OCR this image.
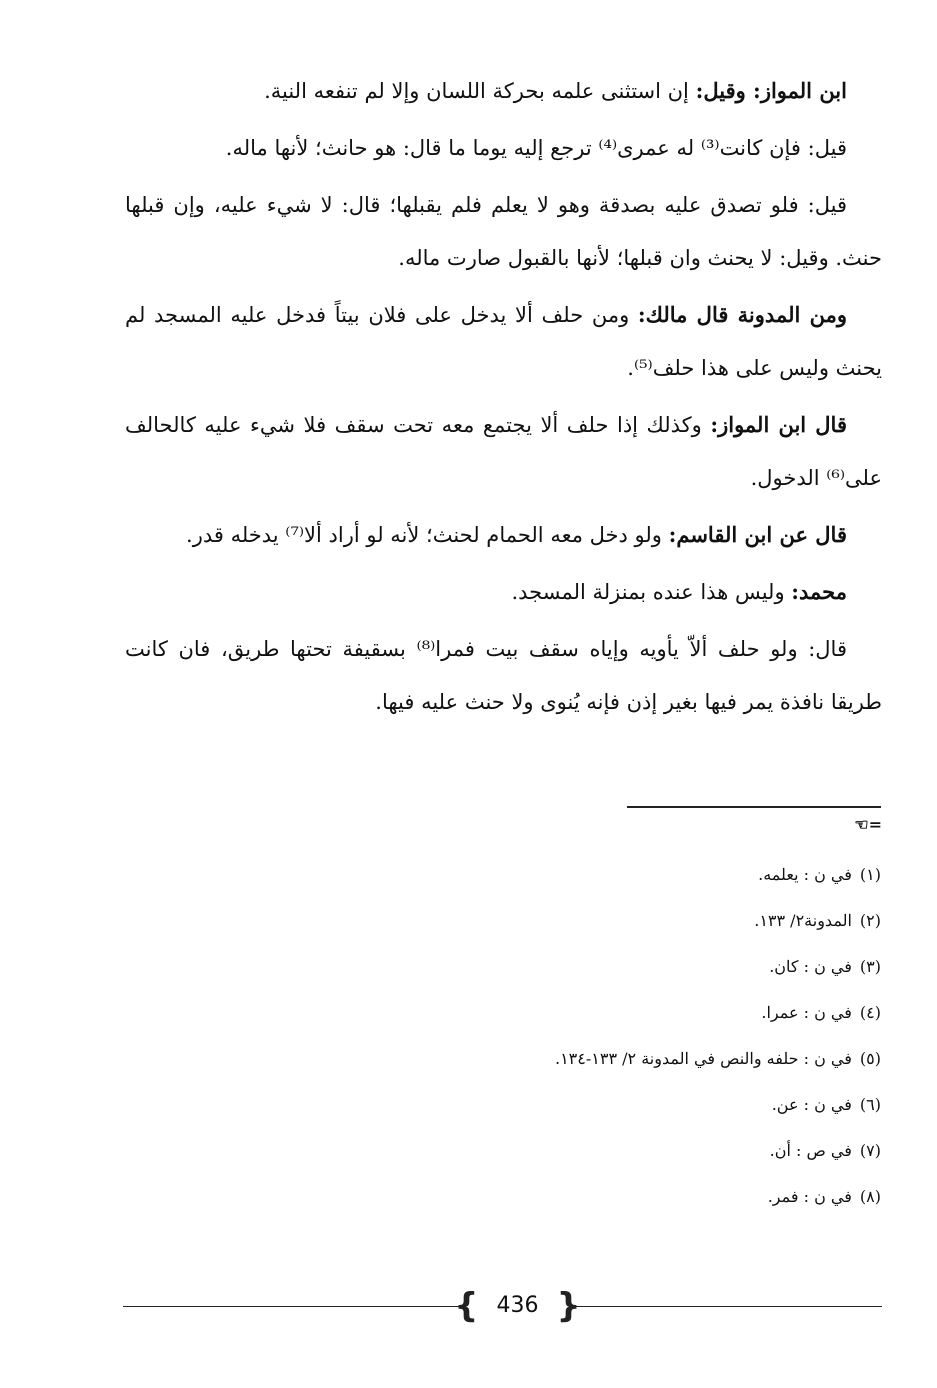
ابن المواز: وقيل: إن استثنى علمه بحركة اللسان وإلا لم تنفعه النية.

قيل: فإن كانت⁽³⁾ له عمرى⁽⁴⁾ ترجع إليه يوما ما قال: هو حانث؛ لأنها ماله.

قيل: فلو تصدق عليه بصدقة وهو لا يعلم فلم يقبلها؛ قال: لا شيء عليه، وإن قبلها حنث. وقيل: لا يحنث وان قبلها؛ لأنها بالقبول صارت ماله.

ومن المدونة قال مالك: ومن حلف ألا يدخل على فلان بيتاً فدخل عليه المسجد لم يحنث وليس على هذا حلف⁽⁵⁾.

قال ابن المواز: وكذلك إذا حلف ألا يجتمع معه تحت سقف فلا شيء عليه كالحالف على⁽⁶⁾ الدخول.

قال عن ابن القاسم: ولو دخل معه الحمام لحنث؛ لأنه لو أراد ألا⁽⁷⁾ يدخله قدر.

محمد: وليس هذا عنده بمنزلة المسجد.

قال: ولو حلف ألاّ يأويه وإياه سقف بيت فمرا⁽⁸⁾ بسقيفة تحتها طريق، فان كانت طريقا نافذة يمر فيها بغير إذن فإنه يُنوى ولا حنث عليه فيها.

☜=
(١)في ن : يعلمه.
(٢)المدونة٢/ ١٣٣.
(٣)في ن : كان.
(٤)في ن : عمرا.
(٥)في ن : حلفه والنص في المدونة ٢/ ١٣٣-١٣٤.
(٦)في ن : عن.
(٧)في ص : أن.
(٨)في ن : فمر.
{ 436 }
